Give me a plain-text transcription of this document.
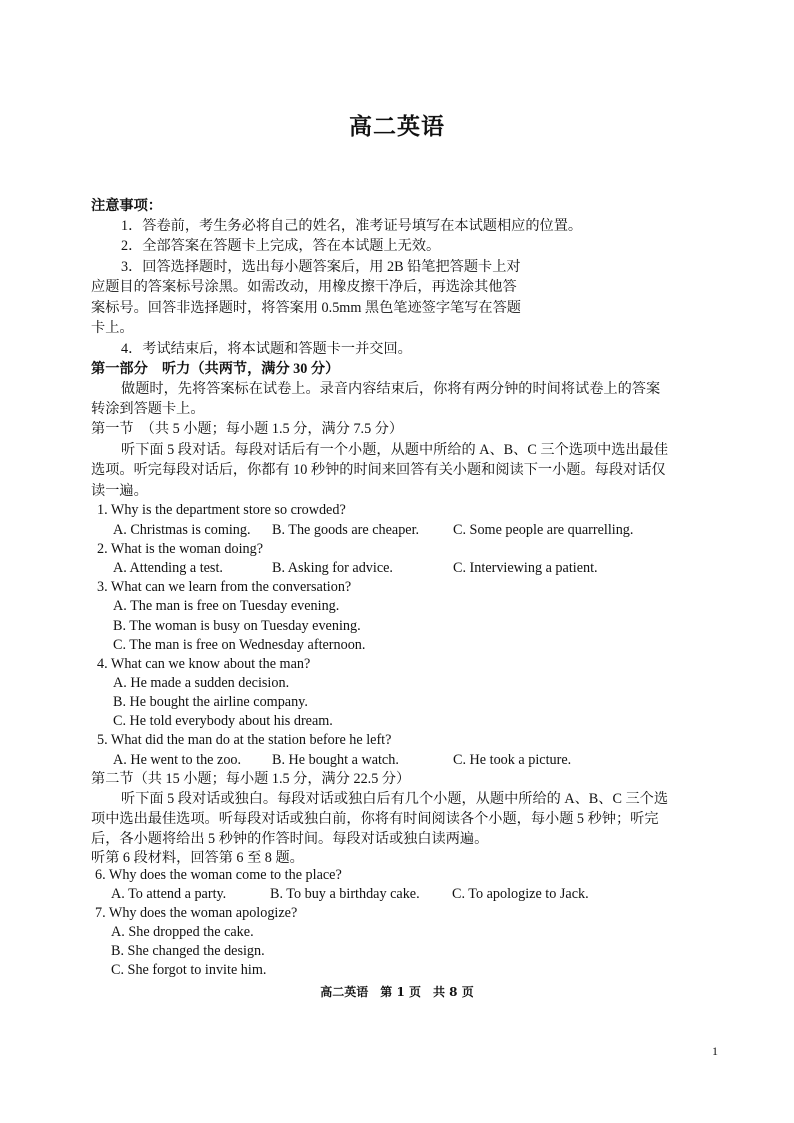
高二英语
注意事项：
1．答卷前，考生务必将自己的姓名，准考证号填写在本试题相应的位置。
2．全部答案在答题卡上完成，答在本试题上无效。
3．回答选择题时，选出每小题答案后，用 2B 铅笔把答题卡上对
应题目的答案标号涂黑。如需改动，用橡皮擦干净后，再选涂其他答
案标号。回答非选择题时，将答案用 0.5mm 黑色笔迹签字笔写在答题
卡上。
4．考试结束后，将本试题和答题卡一并交回。
第一部分　听力（共两节，满分 30 分）
做题时，先将答案标在试卷上。录音内容结束后，你将有两分钟的时间将试卷上的答案
转涂到答题卡上。
第一节　（共 5 小题；每小题 1.5 分，满分 7.5 分）
听下面 5 段对话。每段对话后有一个小题，从题中所给的 A、B、C 三个选项中选出最佳
选项。听完每段对话后，你都有 10 秒钟的时间来回答有关小题和阅读下一小题。每段对话仅
读一遍。
1. Why is the department store so crowded?
A. Christmas is coming. B. The goods are cheaper. C. Some people are quarrelling.
2. What is the woman doing?
A. Attending a test.	B. Asking for advice.	C. Interviewing a patient.
3. What can we learn from the conversation?
A. The man is free on Tuesday evening.
B. The woman is busy on Tuesday evening.
C. The man is free on Wednesday afternoon.
4. What can we know about the man?
A. He made a sudden decision.
B. He bought the airline company.
C. He told everybody about his dream.
5. What did the man do at the station before he left?
A. He went to the zoo. B. He bought a watch.	C. He took a picture.
第二节（共 15 小题；每小题 1.5 分，满分 22.5 分）
听下面 5 段对话或独白。每段对话或独白后有几个小题，从题中所给的 A、B、C 三个选
项中选出最佳选项。听每段对话或独白前，你将有时间阅读各个小题，每小题 5 秒钟；听完
后，各小题将给出 5 秒钟的作答时间。每段对话或独白读两遍。
听第 6 段材料，回答第 6 至 8 题。
6. Why does the woman come to the place?
A. To attend a party.	B. To buy a birthday cake. C. To apologize to Jack.
7. Why does the woman apologize?
A. She dropped the cake.
B. She changed the design.
C. She forgot to invite him.
高二英语　第 1 页　共 8 页
1
